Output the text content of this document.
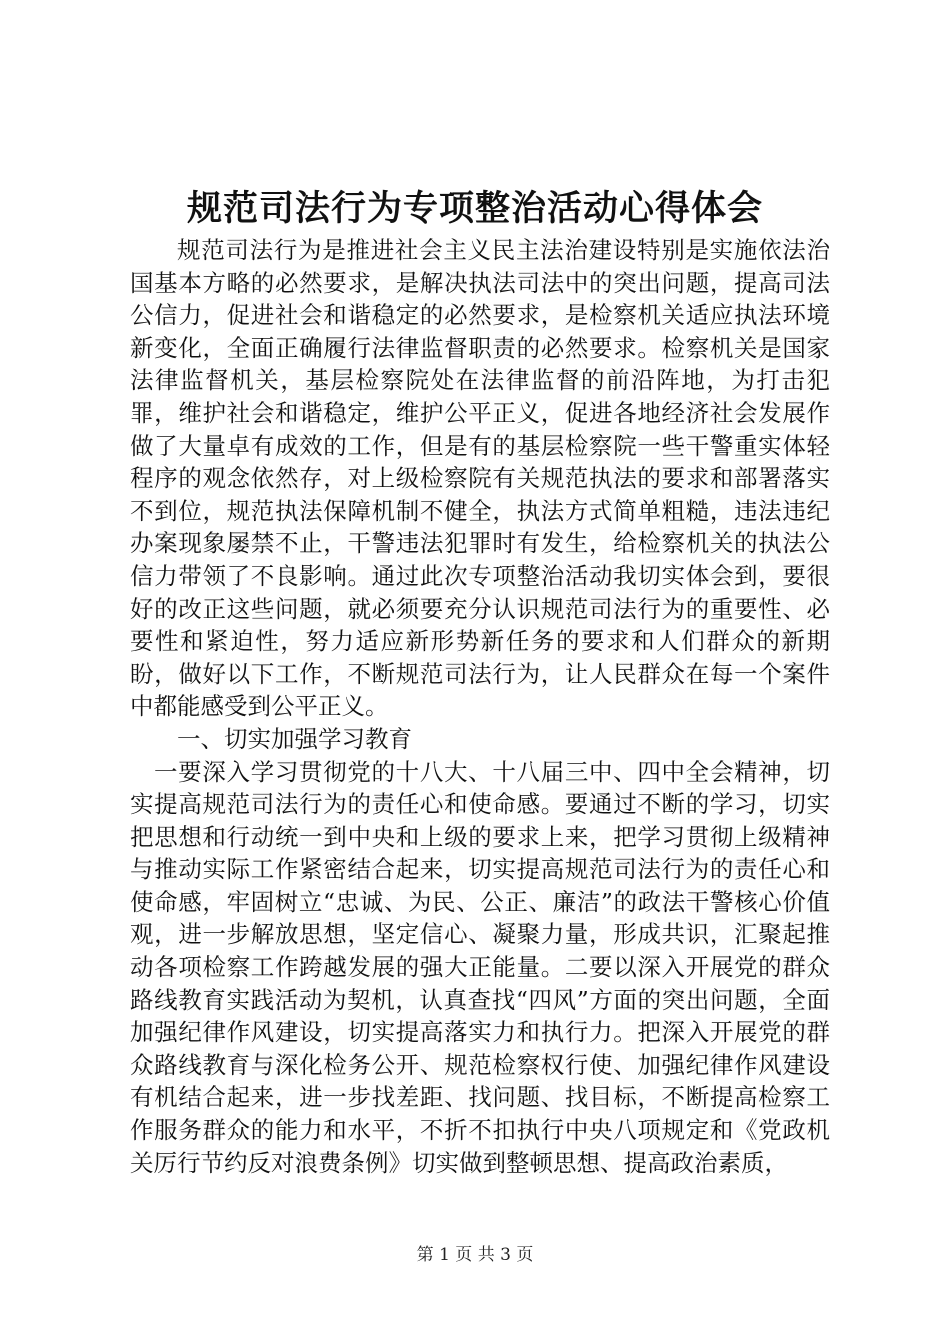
规范司法行为专项整治活动心得体会

规范司法行为是推进社会主义民主法治建设特别是实施依法治国基本方略的必然要求，是解决执法司法中的突出问题，提高司法公信力，促进社会和谐稳定的必然要求，是检察机关适应执法环境新变化，全面正确履行法律监督职责的必然要求。检察机关是国家法律监督机关，基层检察院处在法律监督的前沿阵地，为打击犯罪，维护社会和谐稳定，维护公平正义，促进各地经济社会发展作做了大量卓有成效的工作，但是有的基层检察院一些干警重实体轻程序的观念依然存，对上级检察院有关规范执法的要求和部署落实不到位，规范执法保障机制不健全，执法方式简单粗糙，违法违纪办案现象屡禁不止，干警违法犯罪时有发生，给检察机关的执法公信力带领了不良影响。通过此次专项整治活动我切实体会到，要很好的改正这些问题，就必须要充分认识规范司法行为的重要性、必要性和紧迫性，努力适应新形势新任务的要求和人们群众的新期盼，做好以下工作，不断规范司法行为，让人民群众在每一个案件中都能感受到公平正义。

一、切实加强学习教育

一要深入学习贯彻党的十八大、十八届三中、四中全会精神，切实提高规范司法行为的责任心和使命感。要通过不断的学习，切实把思想和行动统一到中央和上级的要求上来，把学习贯彻上级精神与推动实际工作紧密结合起来，切实提高规范司法行为的责任心和使命感，牢固树立“忠诚、为民、公正、廉洁”的政法干警核心价值观，进一步解放思想，坚定信心、凝聚力量，形成共识，汇聚起推动各项检察工作跨越发展的强大正能量。二要以深入开展党的群众路线教育实践活动为契机，认真查找“四风”方面的突出问题，全面加强纪律作风建设，切实提高落实力和执行力。把深入开展党的群众路线教育与深化检务公开、规范检察权行使、加强纪律作风建设有机结合起来，进一步找差距、找问题、找目标，不断提高检察工作服务群众的能力和水平，不折不扣执行中央八项规定和《党政机关厉行节约反对浪费条例》切实做到整顿思想、提高政治素质，

第 1 页 共 3 页
